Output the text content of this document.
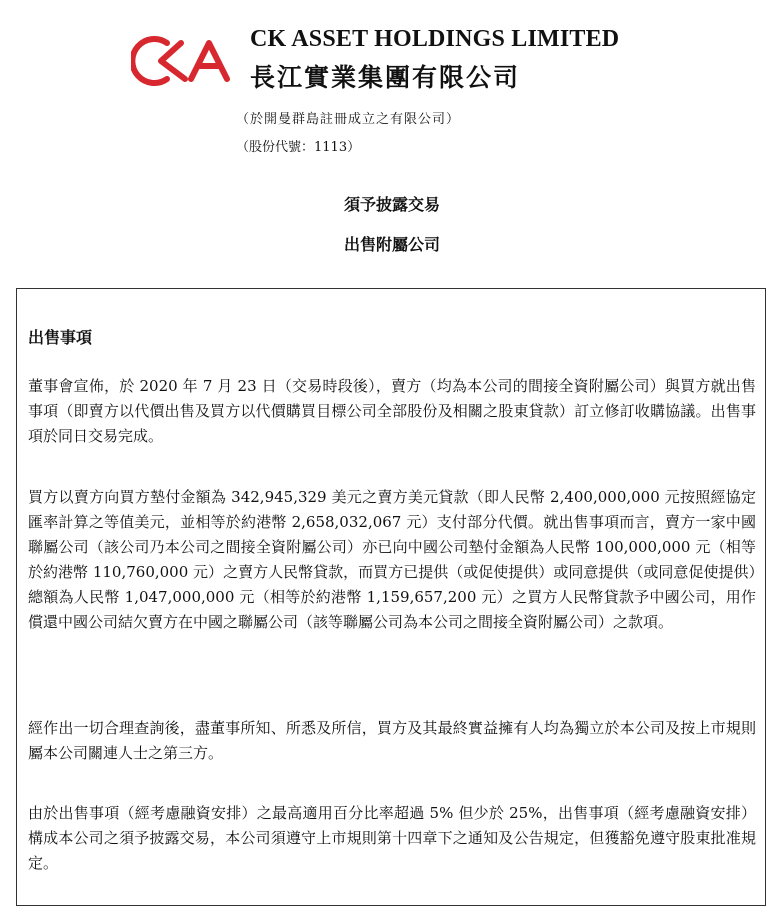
CK ASSET HOLDINGS LIMITED
長江實業集團有限公司
（於開曼群島註冊成立之有限公司）
（股份代號：1113）
須予披露交易
出售附屬公司
出售事項

董事會宣佈，於 2020 年 7 月 23 日（交易時段後），賣方（均為本公司的間接全資附屬公司）與買方就出售事項（即賣方以代價出售及買方以代價購買目標公司全部股份及相關之股東貸款）訂立修訂收購協議。出售事項於同日交易完成。

買方以賣方向買方墊付金額為 342,945,329 美元之賣方美元貸款（即人民幣 2,400,000,000 元按照經協定匯率計算之等值美元，並相等於約港幣 2,658,032,067 元）支付部分代價。就出售事項而言，賣方一家中國聯屬公司（該公司乃本公司之間接全資附屬公司）亦已向中國公司墊付金額為人民幣 100,000,000 元（相等於約港幣 110,760,000 元）之賣方人民幣貸款，而買方已提供（或促使提供）或同意提供（或同意促使提供）總額為人民幣 1,047,000,000 元（相等於約港幣 1,159,657,200 元）之買方人民幣貸款予中國公司，用作償還中國公司結欠賣方在中國之聯屬公司（該等聯屬公司為本公司之間接全資附屬公司）之款項。

經作出一切合理查詢後，盡董事所知、所悉及所信，買方及其最終實益擁有人均為獨立於本公司及按上市規則屬本公司關連人士之第三方。

由於出售事項（經考慮融資安排）之最高適用百分比率超過 5% 但少於 25%，出售事項（經考慮融資安排）構成本公司之須予披露交易，本公司須遵守上市規則第十四章下之通知及公告規定，但獲豁免遵守股東批准規定。
